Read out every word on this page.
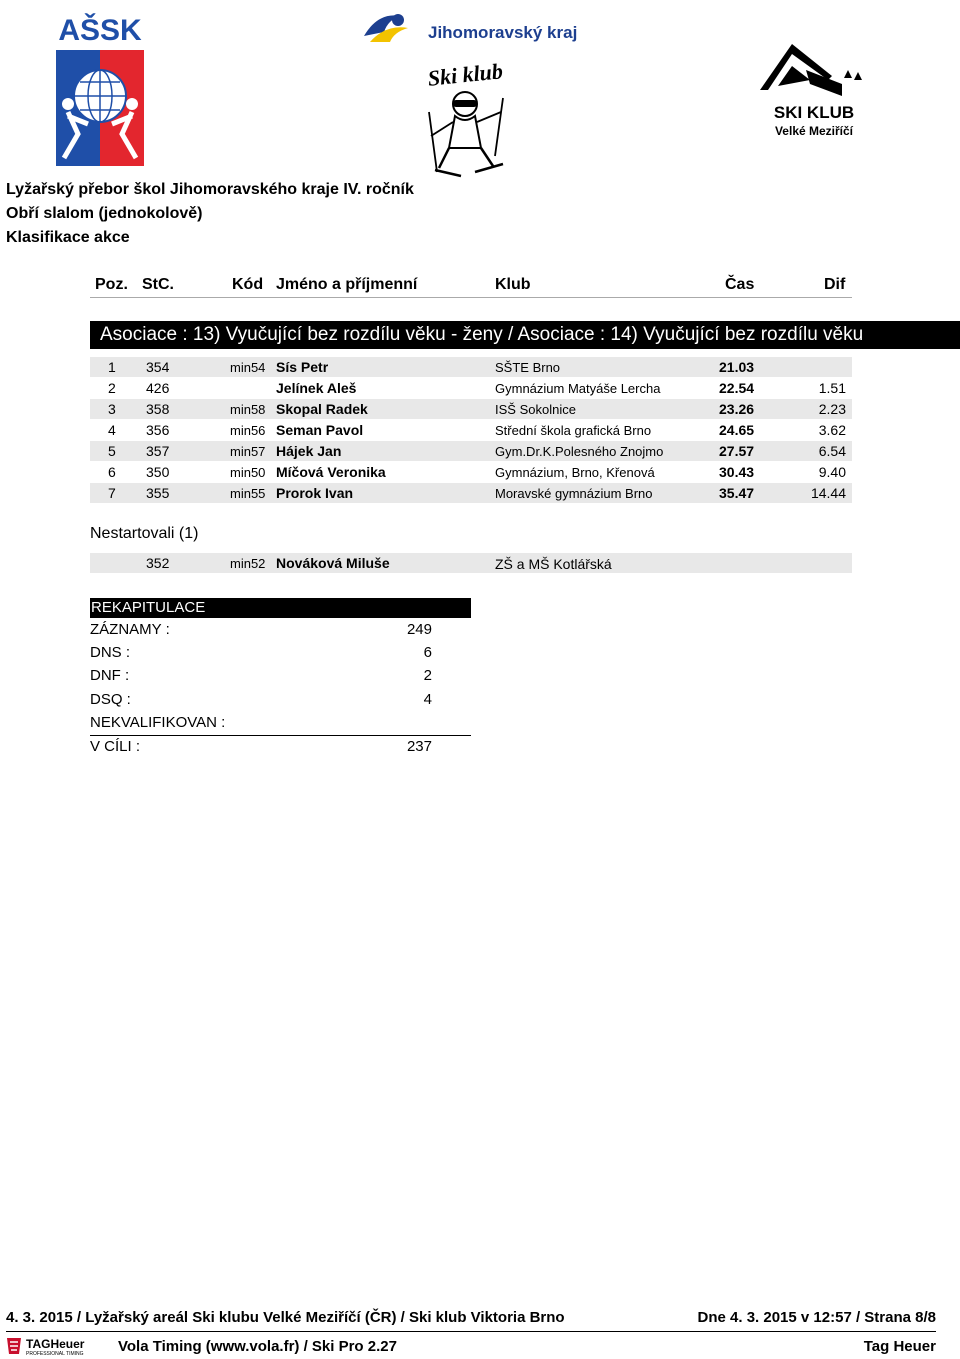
AŠSK	Jihomoravský kraj
Ski klub
SKI KLUB
Velké Meziříčí
Lyžařský přebor škol Jihomoravského kraje IV. ročník
Obří slalom (jednokolově)
Klasifikace akce
Poz. StC.	Kód Jméno a příjmenní	Klub	Čas	Dif
Asociace : 13) Vyučující bez rozdílu věku - ženy / Asociace : 14) Vyučující bez rozdílu věku
1 354	min54 Sís Petr	SŠTE Brno	21.03
2 426	Jelínek Aleš	Gymnázium Matyáše Lercha	22.54	1.51
3 358	min58 Skopal Radek	ISŠ Sokolnice	23.26	2.23
4 356	min56 Seman Pavol	Střední škola grafická Brno	24.65	3.62
5 357	min57 Hájek Jan	Gym.Dr.K.Polesného Znojmo	27.57	6.54
6 350	min50 Míčová Veronika	Gymnázium, Brno, Křenová	30.43	9.40
7 355	min55 Prorok Ivan	Moravské gymnázium Brno	35.47	14.44
Nestartovali (1)
352	min52 Nováková Miluše	ZŠ a MŠ Kotlářská
REKAPITULACE
ZÁZNAMY :	249
DNS :	6
DNF :	2
DSQ :	4
NEKVALIFIKOVAN :
V CÍLI :	237
4. 3. 2015 / Lyžařský areál Ski klubu Velké Meziříčí (ČR) / Ski klub Viktoria Brno	Dne 4. 3. 2015 v 12:57 / Strana 8/8
TAGHeuer
PROFESSIONAL TIMING Vola Timing (www.vola.fr) / Ski Pro 2.27	Tag Heuer
